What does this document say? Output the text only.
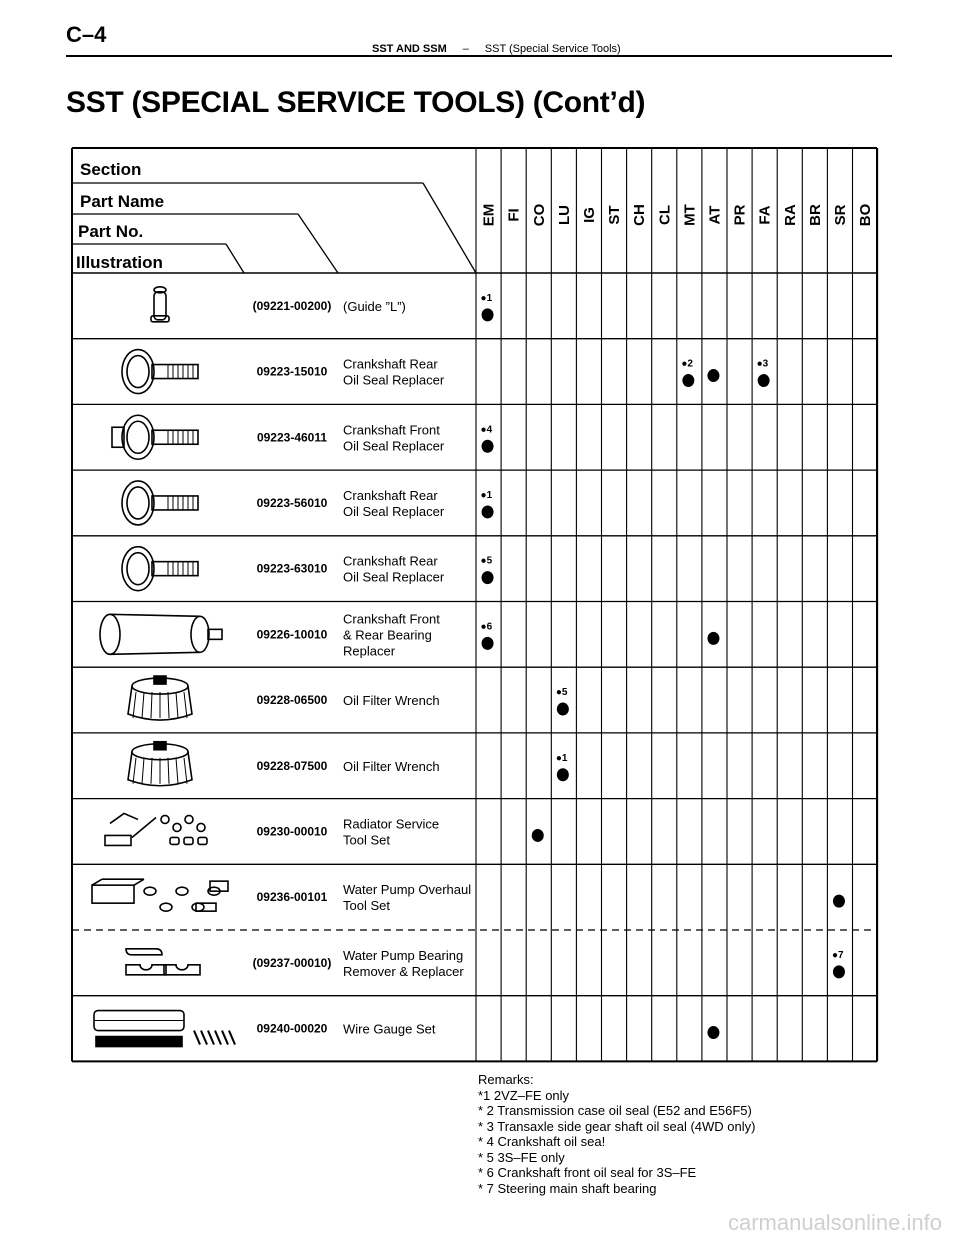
C–4
SST AND SSM – SST (Special Service Tools)
SST (SPECIAL SERVICE TOOLS) (Cont’d)
Section
Part Name
Part No.
Illustration
EM FI CO LU IG ST CH CL MT AT PR FA RA BR SR BO
(09221-00200) (Guide ”L”)
●1
09223-15010 Crankshaft Rear
Oil Seal Replacer
●2	●3
09223-46011 Crankshaft Front
Oil Seal Replacer
●4
09223-56010 Crankshaft Rear
Oil Seal Replacer
●1
09223-63010 Crankshaft Rear
Oil Seal Replacer
●5
09226-10010
Crankshaft Front
& Rear Bearing
Replacer
●6
09228-06500 Oil Filter Wrench
●5
09228-07500 Oil Filter Wrench
●1
09230-00010 Radiator Service
Tool Set
09236-00101 Water Pump Overhaul
Tool Set
(09237-00010) Water Pump Bearing
Remover & Replacer
●7
09240-00020 Wire Gauge Set
Remarks:
*1 2VZ–FE only
* 2 Transmission case oil seal (E52 and E56F5)
* 3 Transaxle side gear shaft oil seal (4WD only)
* 4 Crankshaft oil sea!
* 5 3S–FE only
* 6 Crankshaft front oil seal for 3S–FE
* 7 Steering main shaft bearing
carmanualsonline.info
